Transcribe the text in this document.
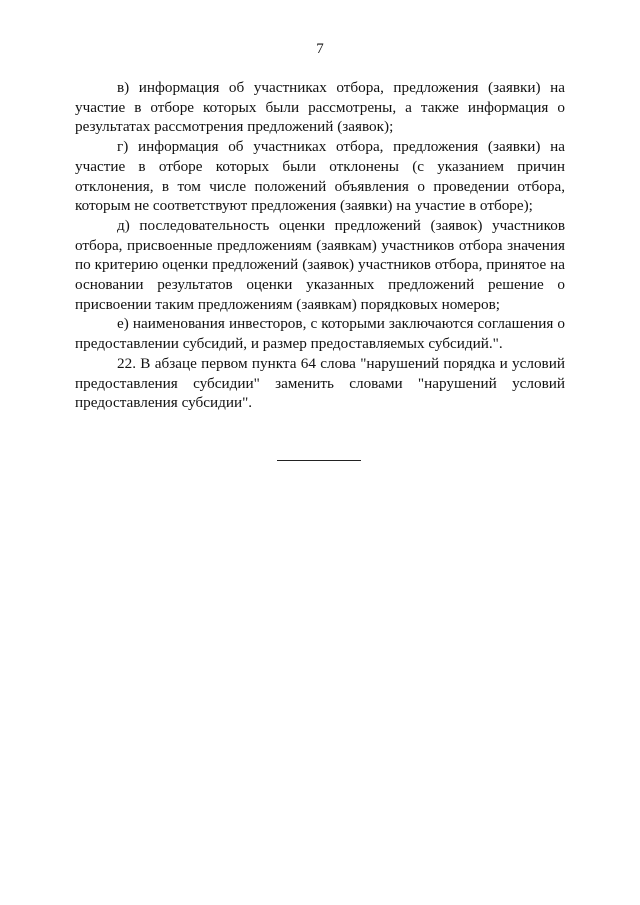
7

в) информация об участниках отбора, предложения (заявки) на участие в отборе которых были рассмотрены, а также информация о результатах рассмотрения предложений (заявок);

г) информация об участниках отбора, предложения (заявки) на участие в отборе которых были отклонены (с указанием причин отклонения, в том числе положений объявления о проведении отбора, которым не соответствуют предложения (заявки) на участие в отборе);

д) последовательность оценки предложений (заявок) участников отбора, присвоенные предложениям (заявкам) участников отбора значения по критерию оценки предложений (заявок) участников отбора, принятое на основании результатов оценки указанных предложений решение о присвоении таким предложениям (заявкам) порядковых номеров;

е) наименования инвесторов, с которыми заключаются соглашения о предоставлении субсидий, и размер предоставляемых субсидий.".

22. В абзаце первом пункта 64 слова "нарушений порядка и условий предоставления субсидии" заменить словами "нарушений условий предоставления субсидии".
